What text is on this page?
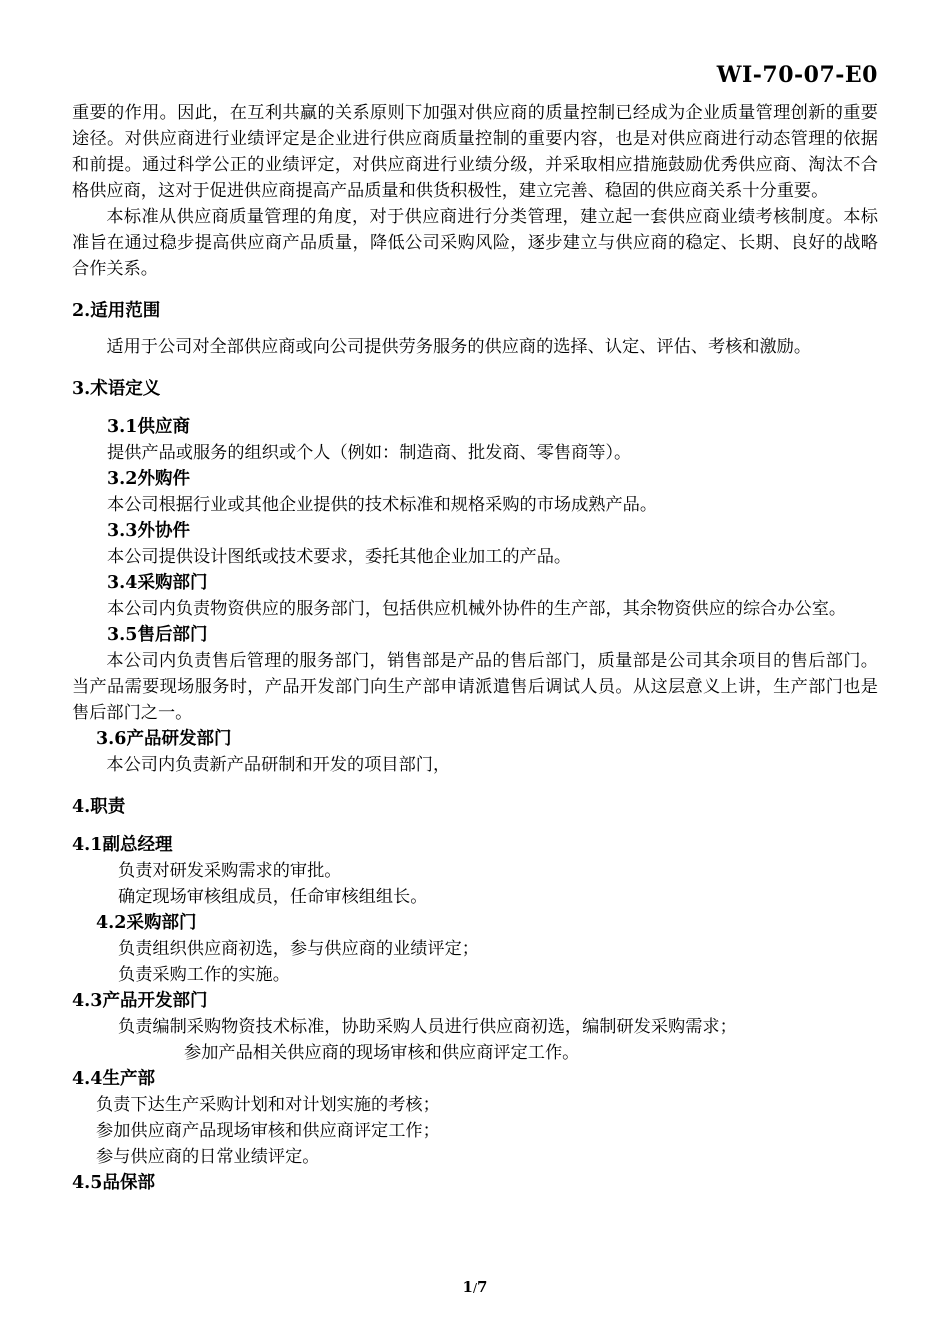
WI-70-07-E0

重要的作用。因此，在互利共赢的关系原则下加强对供应商的质量控制已经成为企业质量管理创新的重要途径。对供应商进行业绩评定是企业进行供应商质量控制的重要内容，也是对供应商进行动态管理的依据和前提。通过科学公正的业绩评定，对供应商进行业绩分级，并采取相应措施鼓励优秀供应商、淘汰不合格供应商，这对于促进供应商提高产品质量和供货积极性，建立完善、稳固的供应商关系十分重要。

本标准从供应商质量管理的角度，对于供应商进行分类管理，建立起一套供应商业绩考核制度。本标准旨在通过稳步提高供应商产品质量，降低公司采购风险，逐步建立与供应商的稳定、长期、良好的战略合作关系。

2.适用范围

适用于公司对全部供应商或向公司提供劳务服务的供应商的选择、认定、评估、考核和激励。

3.术语定义

3.1供应商

提供产品或服务的组织或个人（例如：制造商、批发商、零售商等）。

3.2外购件

本公司根据行业或其他企业提供的技术标准和规格采购的市场成熟产品。

3.3外协件

本公司提供设计图纸或技术要求，委托其他企业加工的产品。

3.4采购部门

本公司内负责物资供应的服务部门，包括供应机械外协件的生产部，其余物资供应的综合办公室。

3.5售后部门

本公司内负责售后管理的服务部门，销售部是产品的售后部门，质量部是公司其余项目的售后部门。当产品需要现场服务时，产品开发部门向生产部申请派遣售后调试人员。从这层意义上讲，生产部门也是售后部门之一。

3.6产品研发部门

本公司内负责新产品研制和开发的项目部门，

4.职责

4.1副总经理

负责对研发采购需求的审批。

确定现场审核组成员，任命审核组组长。

4.2采购部门

负责组织供应商初选，参与供应商的业绩评定；

负责采购工作的实施。

4.3产品开发部门

负责编制采购物资技术标准，协助采购人员进行供应商初选，编制研发采购需求；

参加产品相关供应商的现场审核和供应商评定工作。

4.4生产部

负责下达生产采购计划和对计划实施的考核；

参加供应商产品现场审核和供应商评定工作；

参与供应商的日常业绩评定。

4.5品保部

1/7
